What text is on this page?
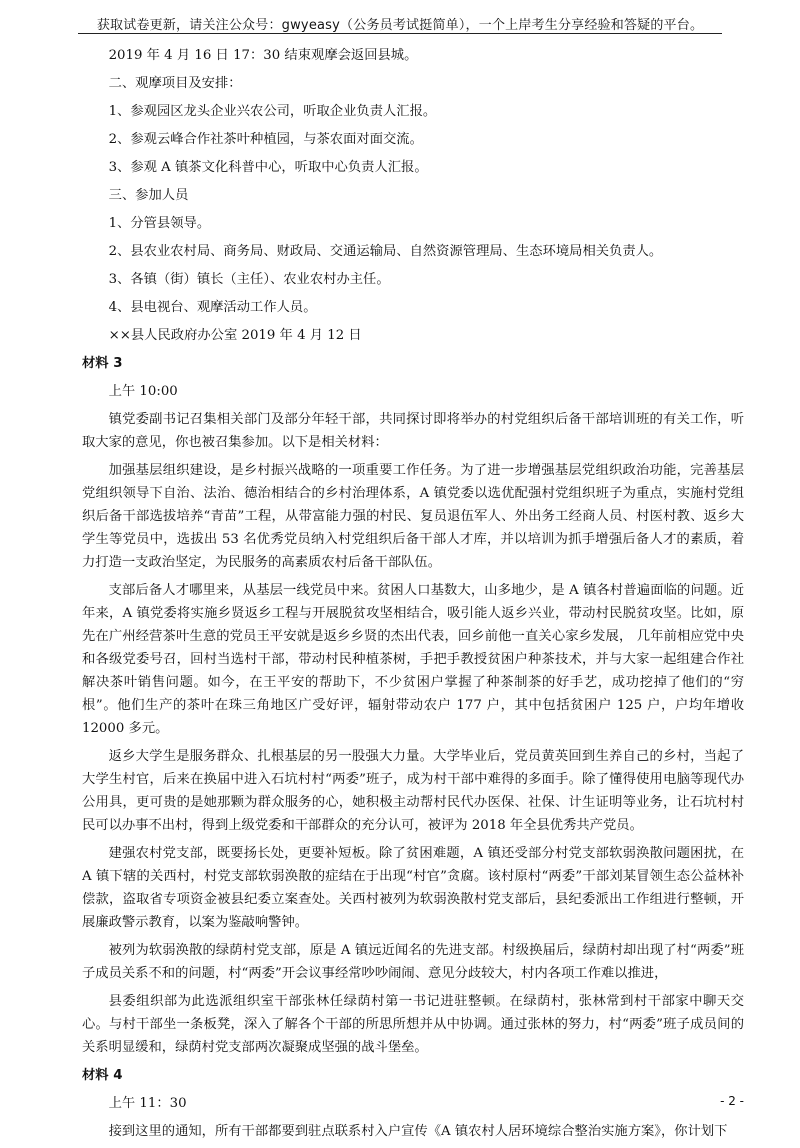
获取试卷更新，请关注公众号：gwyeasy（公务员考试挺简单），一个上岸考生分享经验和答疑的平台。

2019 年 4 月 16 日 17：30 结束观摩会返回县城。

二、观摩项目及安排：

1、参观园区龙头企业兴农公司，听取企业负责人汇报。

2、参观云峰合作社茶叶种植园，与茶农面对面交流。

3、参观 A 镇茶文化科普中心，听取中心负责人汇报。

三、参加人员

1、分管县领导。

2、县农业农村局、商务局、财政局、交通运输局、自然资源管理局、生态环境局相关负责人。

3、各镇（街）镇长（主任）、农业农村办主任。

4、县电视台、观摩活动工作人员。

××县人民政府办公室 2019 年 4 月 12 日

材料 3

上午 10:00

镇党委副书记召集相关部门及部分年轻干部，共同探讨即将举办的村党组织后备干部培训班的有关工作，听取大家的意见，你也被召集参加。以下是相关材料：

加强基层组织建设，是乡村振兴战略的一项重要工作任务。为了进一步增强基层党组织政治功能，完善基层党组织领导下自治、法治、德治相结合的乡村治理体系，A 镇党委以选优配强村党组织班子为重点，实施村党组织后备干部选拔培养“青苗”工程，从带富能力强的村民、复员退伍军人、外出务工经商人员、村医村教、返乡大学生等党员中，选拔出 53 名优秀党员纳入村党组织后备干部人才库，并以培训为抓手增强后备人才的素质，着力打造一支政治坚定，为民服务的高素质农村后备干部队伍。

支部后备人才哪里来，从基层一线党员中来。贫困人口基数大，山多地少，是 A 镇各村普遍面临的问题。近年来，A 镇党委将实施乡贤返乡工程与开展脱贫攻坚相结合，吸引能人返乡兴业，带动村民脱贫攻坚。比如，原先在广州经营茶叶生意的党员王平安就是返乡乡贤的杰出代表，回乡前他一直关心家乡发展， 几年前相应党中央和各级党委号召，回村当选村干部，带动村民种植茶树，手把手教授贫困户种茶技术，并与大家一起组建合作社解决茶叶销售问题。如今，在王平安的帮助下，不少贫困户掌握了种茶制茶的好手艺，成功挖掉了他们的“穷根”。他们生产的茶叶在珠三角地区广受好评，辐射带动农户 177 户，其中包括贫困户 125 户，户均年增收 12000 多元。

返乡大学生是服务群众、扎根基层的另一股强大力量。大学毕业后，党员黄英回到生养自己的乡村，当起了大学生村官，后来在换届中进入石坑村村“两委”班子，成为村干部中难得的多面手。除了懂得使用电脑等现代办公用具，更可贵的是她那颗为群众服务的心，她积极主动帮村民代办医保、社保、计生证明等业务，让石坑村村民可以办事不出村，得到上级党委和干部群众的充分认可，被评为 2018 年全县优秀共产党员。

建强农村党支部，既要扬长处，更要补短板。除了贫困难题，A 镇还受部分村党支部软弱涣散问题困扰，在 A 镇下辖的关西村，村党支部软弱涣散的症结在于出现“村官”贪腐。该村原村“两委”干部刘某冒领生态公益林补偿款，盗取省专项资金被县纪委立案查处。关西村被列为软弱涣散村党支部后，县纪委派出工作组进行整顿，开展廉政警示教育，以案为鉴敲响警钟。

被列为软弱涣散的绿荫村党支部，原是 A 镇远近闻名的先进支部。村级换届后，绿荫村却出现了村“两委”班子成员关系不和的问题，村“两委”开会议事经常吵吵闹闹、意见分歧较大，村内各项工作难以推进，

县委组织部为此选派组织室干部张林任绿荫村第一书记进驻整顿。在绿荫村，张林常到村干部家中聊天交心。与村干部坐一条板凳，深入了解各个干部的所思所想并从中协调。通过张林的努力，村“两委”班子成员间的关系明显缓和，绿荫村党支部两次凝聚成坚强的战斗堡垒。

材料 4

上午 11：30

接到这里的通知，所有干部都要到驻点联系村入户宣传《A 镇农村人居环境综合整治实施方案》，你计划下

- 2 -
